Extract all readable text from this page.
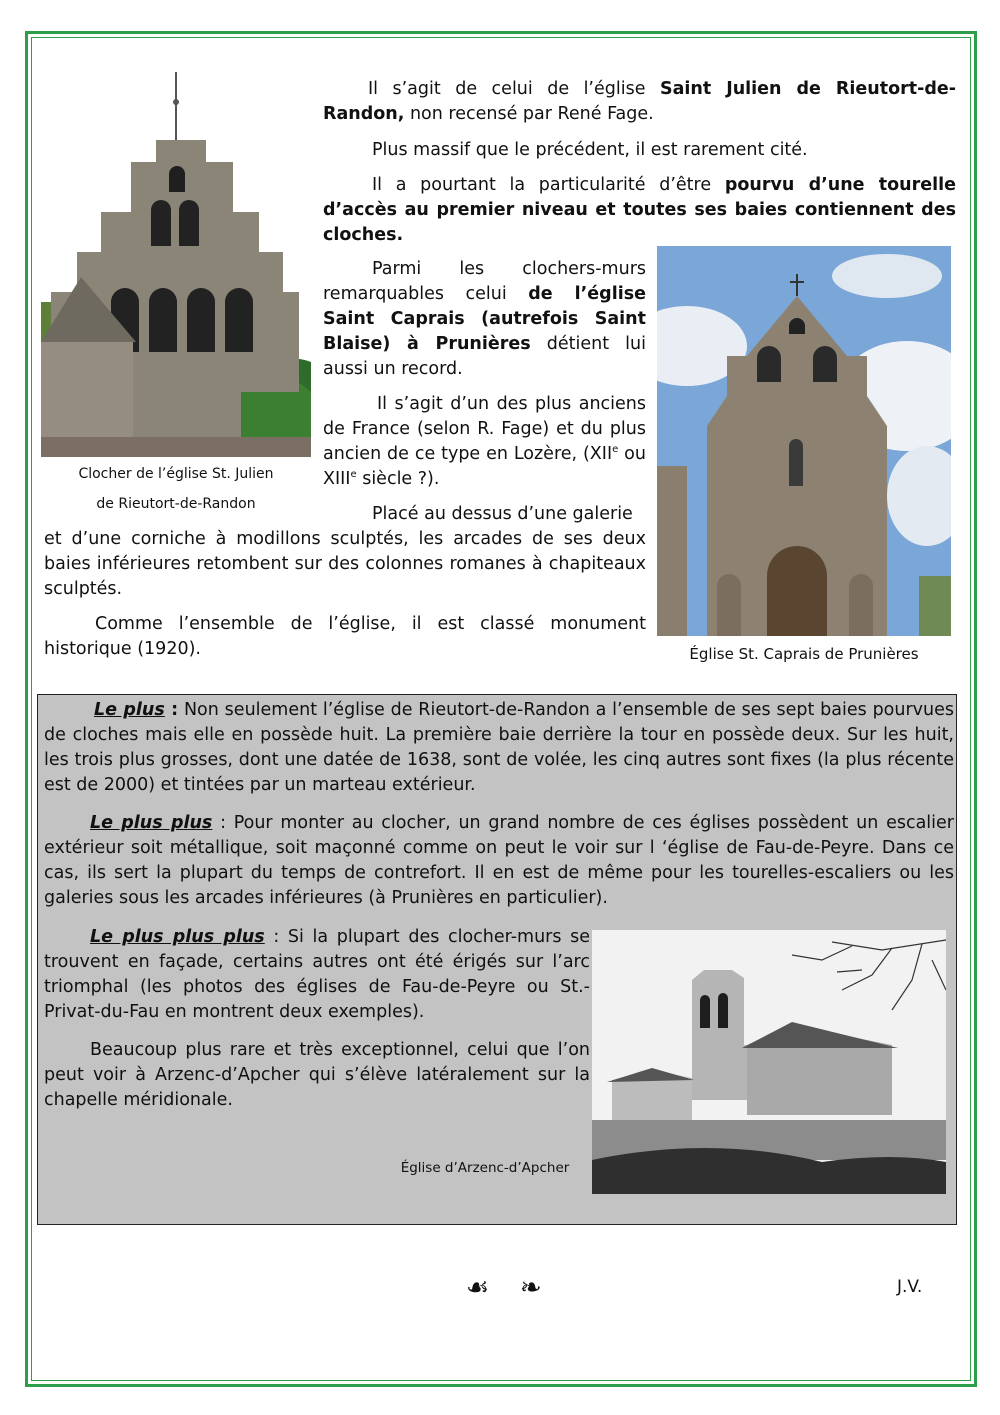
Clocher de l’église St. Julien
de Rieutort-de-Randon
Église St. Caprais de Prunières

Il s’agit de celui de l’église Saint Julien de Rieutort-de-Randon, non recensé par René Fage.

Plus massif que le précédent, il est rarement cité.

Il a pourtant la particularité d’être pourvu d’une tourelle d’accès au premier niveau et toutes ses baies contiennent des cloches.

Parmi les clochers-murs remarquables celui de l’église Saint Caprais (autrefois Saint Blaise) à Prunières détient lui aussi un record.

Il s’agit d’un des plus anciens de France (selon R. Fage) et du plus ancien de ce type en Lozère, (XIIe ou XIIIe siècle ?).

Placé au dessus d’une galerie

et d’une corniche à modillons sculptés, les arcades de ses deux baies inférieures retombent sur des colonnes romanes à chapiteaux sculptés.

Comme l’ensemble de l’église, il est classé monument historique (1920).

Le plus : Non seulement l’église de Rieutort-de-Randon a l’ensemble de ses sept baies pourvues de cloches mais elle en possède huit. La première baie derrière la tour en possède deux. Sur les huit, les trois plus grosses, dont une datée de 1638, sont de volée, les cinq autres sont fixes (la plus récente est de 2000) et tintées par un marteau extérieur.

Le plus plus : Pour monter au clocher, un grand nombre de ces églises possèdent un escalier extérieur soit métallique, soit maçonné comme on peut le voir sur l ‘église de Fau-de-Peyre. Dans ce cas, ils sert la plupart du temps de contrefort. Il en est de même pour les tourelles-escaliers ou les galeries sous les arcades inférieures (à Prunières en particulier).

Le plus plus plus : Si la plupart des clocher-murs se trouvent en façade, certains autres ont été érigés sur l’arc triomphal (les photos des églises de Fau-de-Peyre ou St.-Privat-du-Fau en montrent deux exemples).

Beaucoup plus rare et très exceptionnel, celui que l’on peut voir à Arzenc-d’Apcher qui s’élève latéralement sur la chapelle méridionale.

Église d’Arzenc-d’Apcher
☙ ❧	J.V.
